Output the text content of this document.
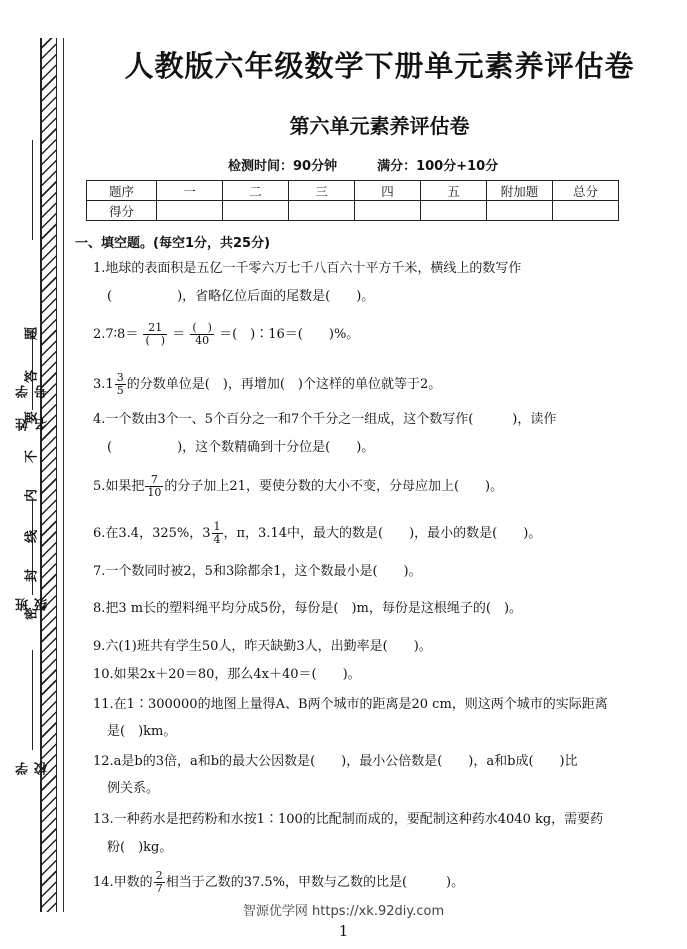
学号
姓名
班级
学校
题
答
要
不
内
线
封
密
人教版六年级数学下册单元素养评估卷
第六单元素养评估卷
检测时间：90分钟	满分：100分+10分
题序	一	二	三	四	五	附加题	总分
得分							
一、填空题。(每空1分，共25分)
1.地球的表面积是五亿一千零六万七千八百六十平方千米，横线上的数写作
(　　　　　)，省略亿位后面的尾数是(　　)。
2.7∶8＝ $\frac{21}{( )} = \frac{( )}{40}$ ＝(　)∶16＝(　　)%。
$3.1 \frac{3}{5}$ 的分数单位是(　)，再增加(　)个这样的单位就等于2。
4.一个数由3个一、5个百分之一和7个千分之一组成，这个数写作(　　　)，读作
(　　　　　)，这个数精确到十分位是(　　)。
5.如果把 $\frac{7}{10}$ 的分子加上21，要使分数的大小不变，分母应加上(　　)。
6.在3.4，325%，$3 \frac{1}{4}$ ，π，3.14中，最大的数是(　　)，最小的数是(　　)。
7.一个数同时被2，5和3除都余1，这个数最小是(　　)。
8.把3 m长的塑料绳平均分成5份，每份是(　)m，每份是这根绳子的(　)。
9.六(1)班共有学生50人，昨天缺勤3人，出勤率是(　　)。
10.如果2x＋20＝80，那么4x＋40＝(　　)。
11.在1∶300000的地图上量得A、B两个城市的距离是20 cm，则这两个城市的实际距离
是(　)km。
12.a是b的3倍，a和b的最大公因数是(　　)，最小公倍数是(　　)，a和b成(　　)比
例关系。
13.一种药水是把药粉和水按1∶100的比配制而成的，要配制这种药水4040 kg，需要药
粉(　)kg。
14.甲数的 $\frac{2}{7}$ 相当于乙数的37.5%，甲数与乙数的比是(　　　)。
智源优学网 https://xk.92diy.com
1
